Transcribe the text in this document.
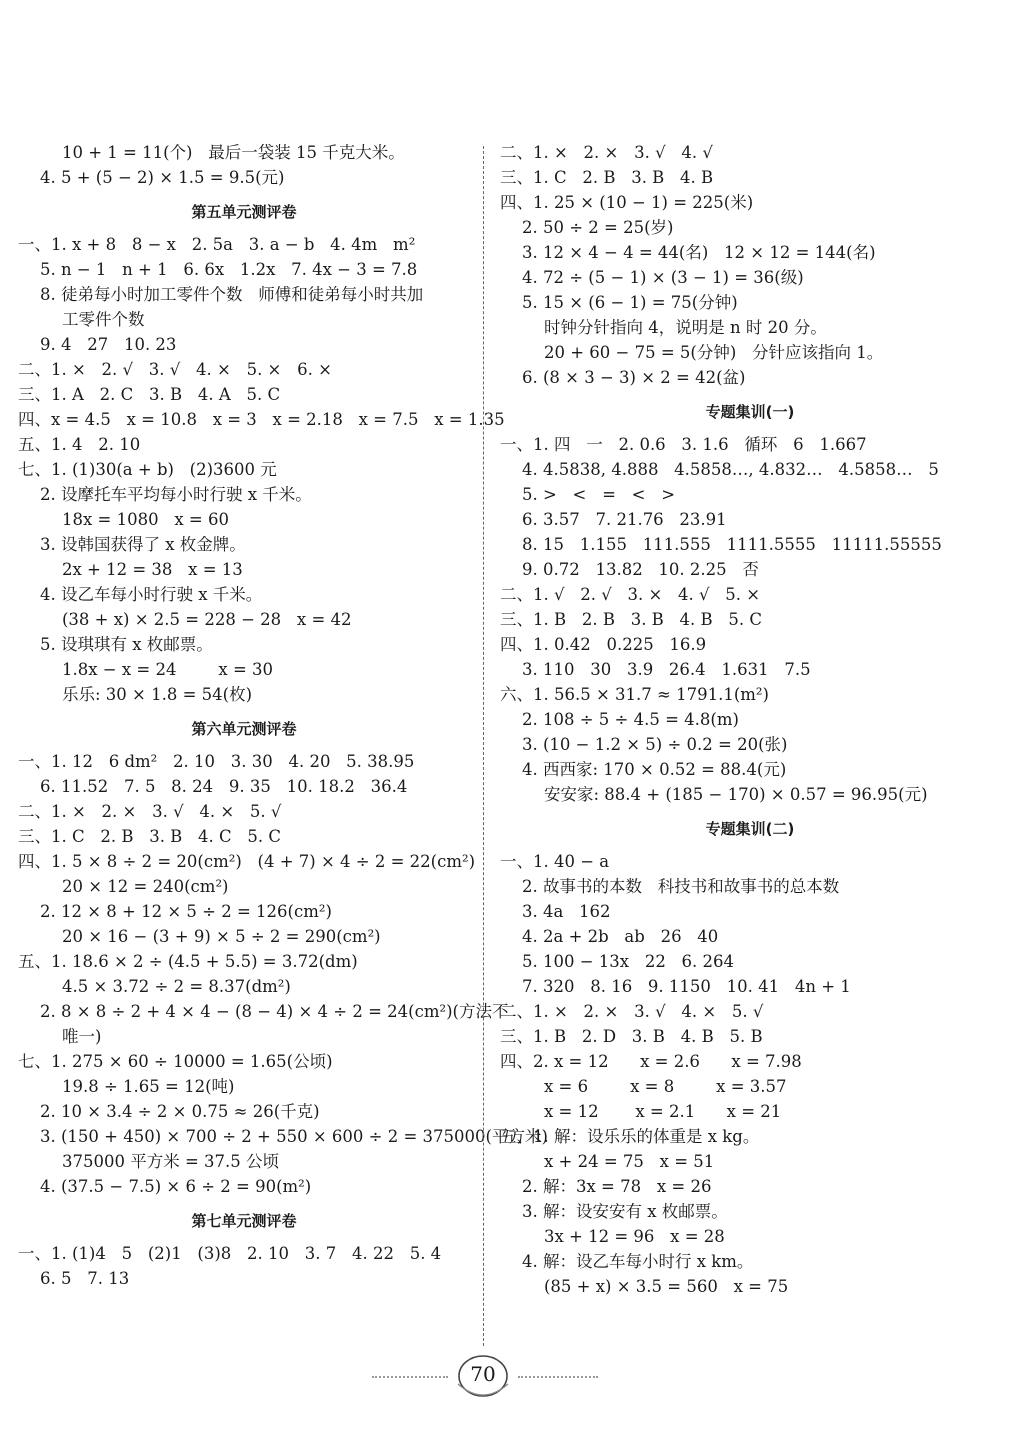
10 + 1 = 11(个)   最后一袋装 15 千克大米。
4. 5 + (5 − 2) × 1.5 = 9.5(元)
第五单元测评卷
一、1. x + 8   8 − x   2. 5a   3. a − b   4. 4m   m²
5. n − 1   n + 1   6. 6x   1.2x   7. 4x − 3 = 7.8
8. 徒弟每小时加工零件个数   师傅和徒弟每小时共加
工零件个数
9. 4   27   10. 23
二、1. ×   2. √   3. √   4. ×   5. ×   6. ×
三、1. A   2. C   3. B   4. A   5. C
四、x = 4.5   x = 10.8   x = 3   x = 2.18   x = 7.5   x = 1.35
五、1. 4   2. 10
七、1. (1)30(a + b)   (2)3600 元
2. 设摩托车平均每小时行驶 x 千米。
18x = 1080   x = 60
3. 设韩国获得了 x 枚金牌。
2x + 12 = 38   x = 13
4. 设乙车每小时行驶 x 千米。
(38 + x) × 2.5 = 228 − 28   x = 42
5. 设琪琪有 x 枚邮票。
1.8x − x = 24        x = 30
乐乐: 30 × 1.8 = 54(枚)
第六单元测评卷
一、1. 12   6 dm²   2. 10   3. 30   4. 20   5. 38.95
6. 11.52   7. 5   8. 24   9. 35   10. 18.2   36.4
二、1. ×   2. ×   3. √   4. ×   5. √
三、1. C   2. B   3. B   4. C   5. C
四、1. 5 × 8 ÷ 2 = 20(cm²)   (4 + 7) × 4 ÷ 2 = 22(cm²)
20 × 12 = 240(cm²)
2. 12 × 8 + 12 × 5 ÷ 2 = 126(cm²)
20 × 16 − (3 + 9) × 5 ÷ 2 = 290(cm²)
五、1. 18.6 × 2 ÷ (4.5 + 5.5) = 3.72(dm)
4.5 × 3.72 ÷ 2 = 8.37(dm²)
2. 8 × 8 ÷ 2 + 4 × 4 − (8 − 4) × 4 ÷ 2 = 24(cm²)(方法不
唯一)
七、1. 275 × 60 ÷ 10000 = 1.65(公顷)
19.8 ÷ 1.65 = 12(吨)
2. 10 × 3.4 ÷ 2 × 0.75 ≈ 26(千克)
3. (150 + 450) × 700 ÷ 2 + 550 × 600 ÷ 2 = 375000(平方米)
375000 平方米 = 37.5 公顷
4. (37.5 − 7.5) × 6 ÷ 2 = 90(m²)
第七单元测评卷
一、1. (1)4   5   (2)1   (3)8   2. 10   3. 7   4. 22   5. 4
6. 5   7. 13
二、1. ×   2. ×   3. √   4. √
三、1. C   2. B   3. B   4. B
四、1. 25 × (10 − 1) = 225(米)
2. 50 ÷ 2 = 25(岁)
3. 12 × 4 − 4 = 44(名)   12 × 12 = 144(名)
4. 72 ÷ (5 − 1) × (3 − 1) = 36(级)
5. 15 × (6 − 1) = 75(分钟)
时钟分针指向 4，说明是 n 时 20 分。
20 + 60 − 75 = 5(分钟)   分针应该指向 1。
6. (8 × 3 − 3) × 2 = 42(盆)
专题集训(一)
一、1. 四   一   2. 0.6   3. 1.6   循环   6   1.667
4. 4.5838, 4.888   4.5858…, 4.832…   4.5858…   5
5. >   <   =   <   >
6. 3.57   7. 21.76   23.91
8. 15   1.155   111.555   1111.5555   11111.55555
9. 0.72   13.82   10. 2.25   否
二、1. √   2. √   3. ×   4. √   5. ×
三、1. B   2. B   3. B   4. B   5. C
四、1. 0.42   0.225   16.9
3. 110   30   3.9   26.4   1.631   7.5
六、1. 56.5 × 31.7 ≈ 1791.1(m²)
2. 108 ÷ 5 ÷ 4.5 = 4.8(m)
3. (10 − 1.2 × 5) ÷ 0.2 = 20(张)
4. 西西家: 170 × 0.52 = 88.4(元)
安安家: 88.4 + (185 − 170) × 0.57 = 96.95(元)
专题集训(二)
一、1. 40 − a
2. 故事书的本数   科技书和故事书的总本数
3. 4a   162
4. 2a + 2b   ab   26   40
5. 100 − 13x   22   6. 264
7. 320   8. 16   9. 1150   10. 41   4n + 1
二、1. ×   2. ×   3. √   4. ×   5. √
三、1. B   2. D   3. B   4. B   5. B
四、2. x = 12      x = 2.6      x = 7.98
x = 6        x = 8        x = 3.57
x = 12       x = 2.1      x = 21
五、1. 解：设乐乐的体重是 x kg。
x + 24 = 75   x = 51
2. 解：3x = 78   x = 26
3. 解：设安安有 x 枚邮票。
3x + 12 = 96   x = 28
4. 解：设乙车每小时行 x km。
(85 + x) × 3.5 = 560   x = 75
70
